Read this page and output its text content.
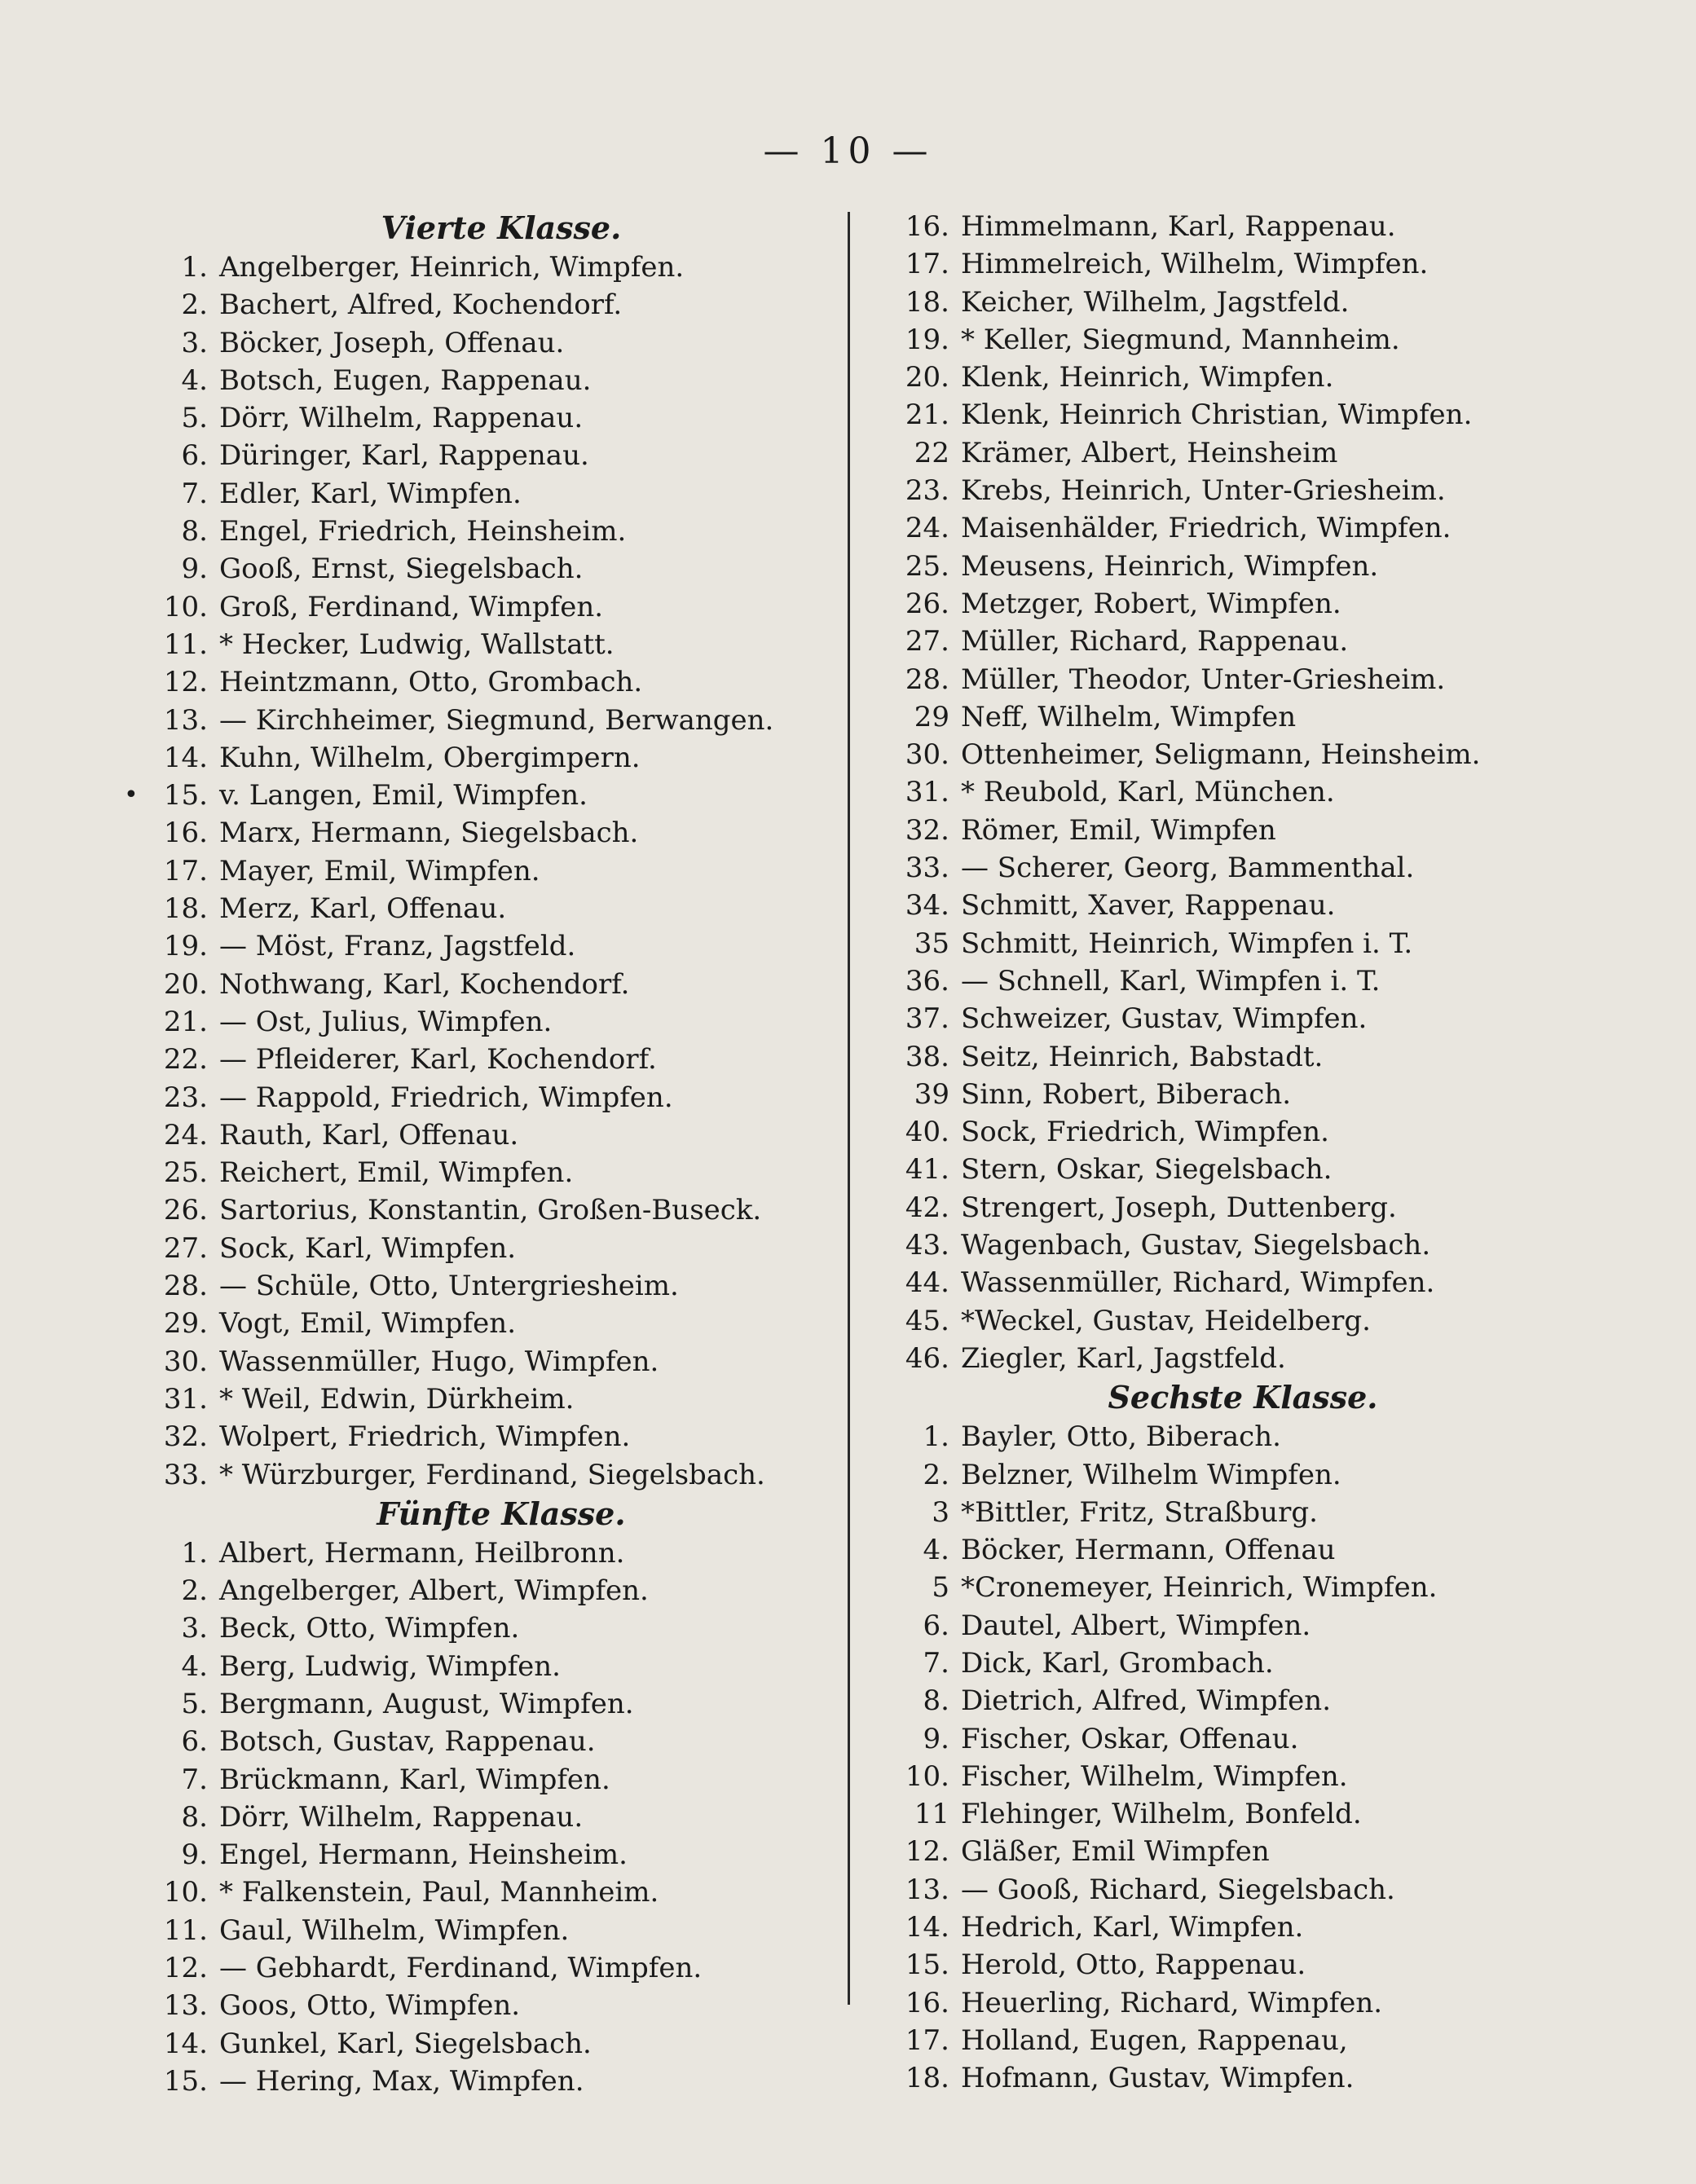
— 10 —
•
Vierte Klasse.
1. Angelberger, Heinrich, Wimpfen.
2. Bachert, Alfred, Kochendorf.
3. Böcker, Joseph, Offenau.
4. Botsch, Eugen, Rappenau.
5. Dörr, Wilhelm, Rappenau.
6. Düringer, Karl, Rappenau.
7. Edler, Karl, Wimpfen.
8. Engel, Friedrich, Heinsheim.
9. Gooß, Ernst, Siegelsbach.
10. Groß, Ferdinand, Wimpfen.
11. * Hecker, Ludwig, Wallstatt.
12. Heintzmann, Otto, Grombach.
13. — Kirchheimer, Siegmund, Berwangen.
14. Kuhn, Wilhelm, Obergimpern.
15. v. Langen, Emil, Wimpfen.
16. Marx, Hermann, Siegelsbach.
17. Mayer, Emil, Wimpfen.
18. Merz, Karl, Offenau.
19. — Möst, Franz, Jagstfeld.
20. Nothwang, Karl, Kochendorf.
21. — Ost, Julius, Wimpfen.
22. — Pfleiderer, Karl, Kochendorf.
23. — Rappold, Friedrich, Wimpfen.
24. Rauth, Karl, Offenau.
25. Reichert, Emil, Wimpfen.
26. Sartorius, Konstantin, Großen-Buseck.
27. Sock, Karl, Wimpfen.
28. — Schüle, Otto, Untergriesheim.
29. Vogt, Emil, Wimpfen.
30. Wassenmüller, Hugo, Wimpfen.
31. * Weil, Edwin, Dürkheim.
32. Wolpert, Friedrich, Wimpfen.
33. * Würzburger, Ferdinand, Siegelsbach.
Fünfte Klasse.
1. Albert, Hermann, Heilbronn.
2. Angelberger, Albert, Wimpfen.
3. Beck, Otto, Wimpfen.
4. Berg, Ludwig, Wimpfen.
5. Bergmann, August, Wimpfen.
6. Botsch, Gustav, Rappenau.
7. Brückmann, Karl, Wimpfen.
8. Dörr, Wilhelm, Rappenau.
9. Engel, Hermann, Heinsheim.
10. * Falkenstein, Paul, Mannheim.
11. Gaul, Wilhelm, Wimpfen.
12. — Gebhardt, Ferdinand, Wimpfen.
13. Goos, Otto, Wimpfen.
14. Gunkel, Karl, Siegelsbach.
15. — Hering, Max, Wimpfen.
16. Himmelmann, Karl, Rappenau.
17. Himmelreich, Wilhelm, Wimpfen.
18. Keicher, Wilhelm, Jagstfeld.
19. * Keller, Siegmund, Mannheim.
20. Klenk, Heinrich, Wimpfen.
21. Klenk, Heinrich Christian, Wimpfen.
22 Krämer, Albert, Heinsheim
23. Krebs, Heinrich, Unter-Griesheim.
24. Maisenhälder, Friedrich, Wimpfen.
25. Meusens, Heinrich, Wimpfen.
26. Metzger, Robert, Wimpfen.
27. Müller, Richard, Rappenau.
28. Müller, Theodor, Unter-Griesheim.
29 Neff, Wilhelm, Wimpfen
30. Ottenheimer, Seligmann, Heinsheim.
31. * Reubold, Karl, München.
32. Römer, Emil, Wimpfen
33. — Scherer, Georg, Bammenthal.
34. Schmitt, Xaver, Rappenau.
35 Schmitt, Heinrich, Wimpfen i. T.
36. — Schnell, Karl, Wimpfen i. T.
37. Schweizer, Gustav, Wimpfen.
38. Seitz, Heinrich, Babstadt.
39 Sinn, Robert, Biberach.
40. Sock, Friedrich, Wimpfen.
41. Stern, Oskar, Siegelsbach.
42. Strengert, Joseph, Duttenberg.
43. Wagenbach, Gustav, Siegelsbach.
44. Wassenmüller, Richard, Wimpfen.
45. *Weckel, Gustav, Heidelberg.
46. Ziegler, Karl, Jagstfeld.
Sechste Klasse.
1. Bayler, Otto, Biberach.
2. Belzner, Wilhelm Wimpfen.
3 *Bittler, Fritz, Straßburg.
4. Böcker, Hermann, Offenau
5 *Cronemeyer, Heinrich, Wimpfen.
6. Dautel, Albert, Wimpfen.
7. Dick, Karl, Grombach.
8. Dietrich, Alfred, Wimpfen.
9. Fischer, Oskar, Offenau.
10. Fischer, Wilhelm, Wimpfen.
11 Flehinger, Wilhelm, Bonfeld.
12. Gläßer, Emil Wimpfen
13. — Gooß, Richard, Siegelsbach.
14. Hedrich, Karl, Wimpfen.
15. Herold, Otto, Rappenau.
16. Heuerling, Richard, Wimpfen.
17. Holland, Eugen, Rappenau,
18. Hofmann, Gustav, Wimpfen.
